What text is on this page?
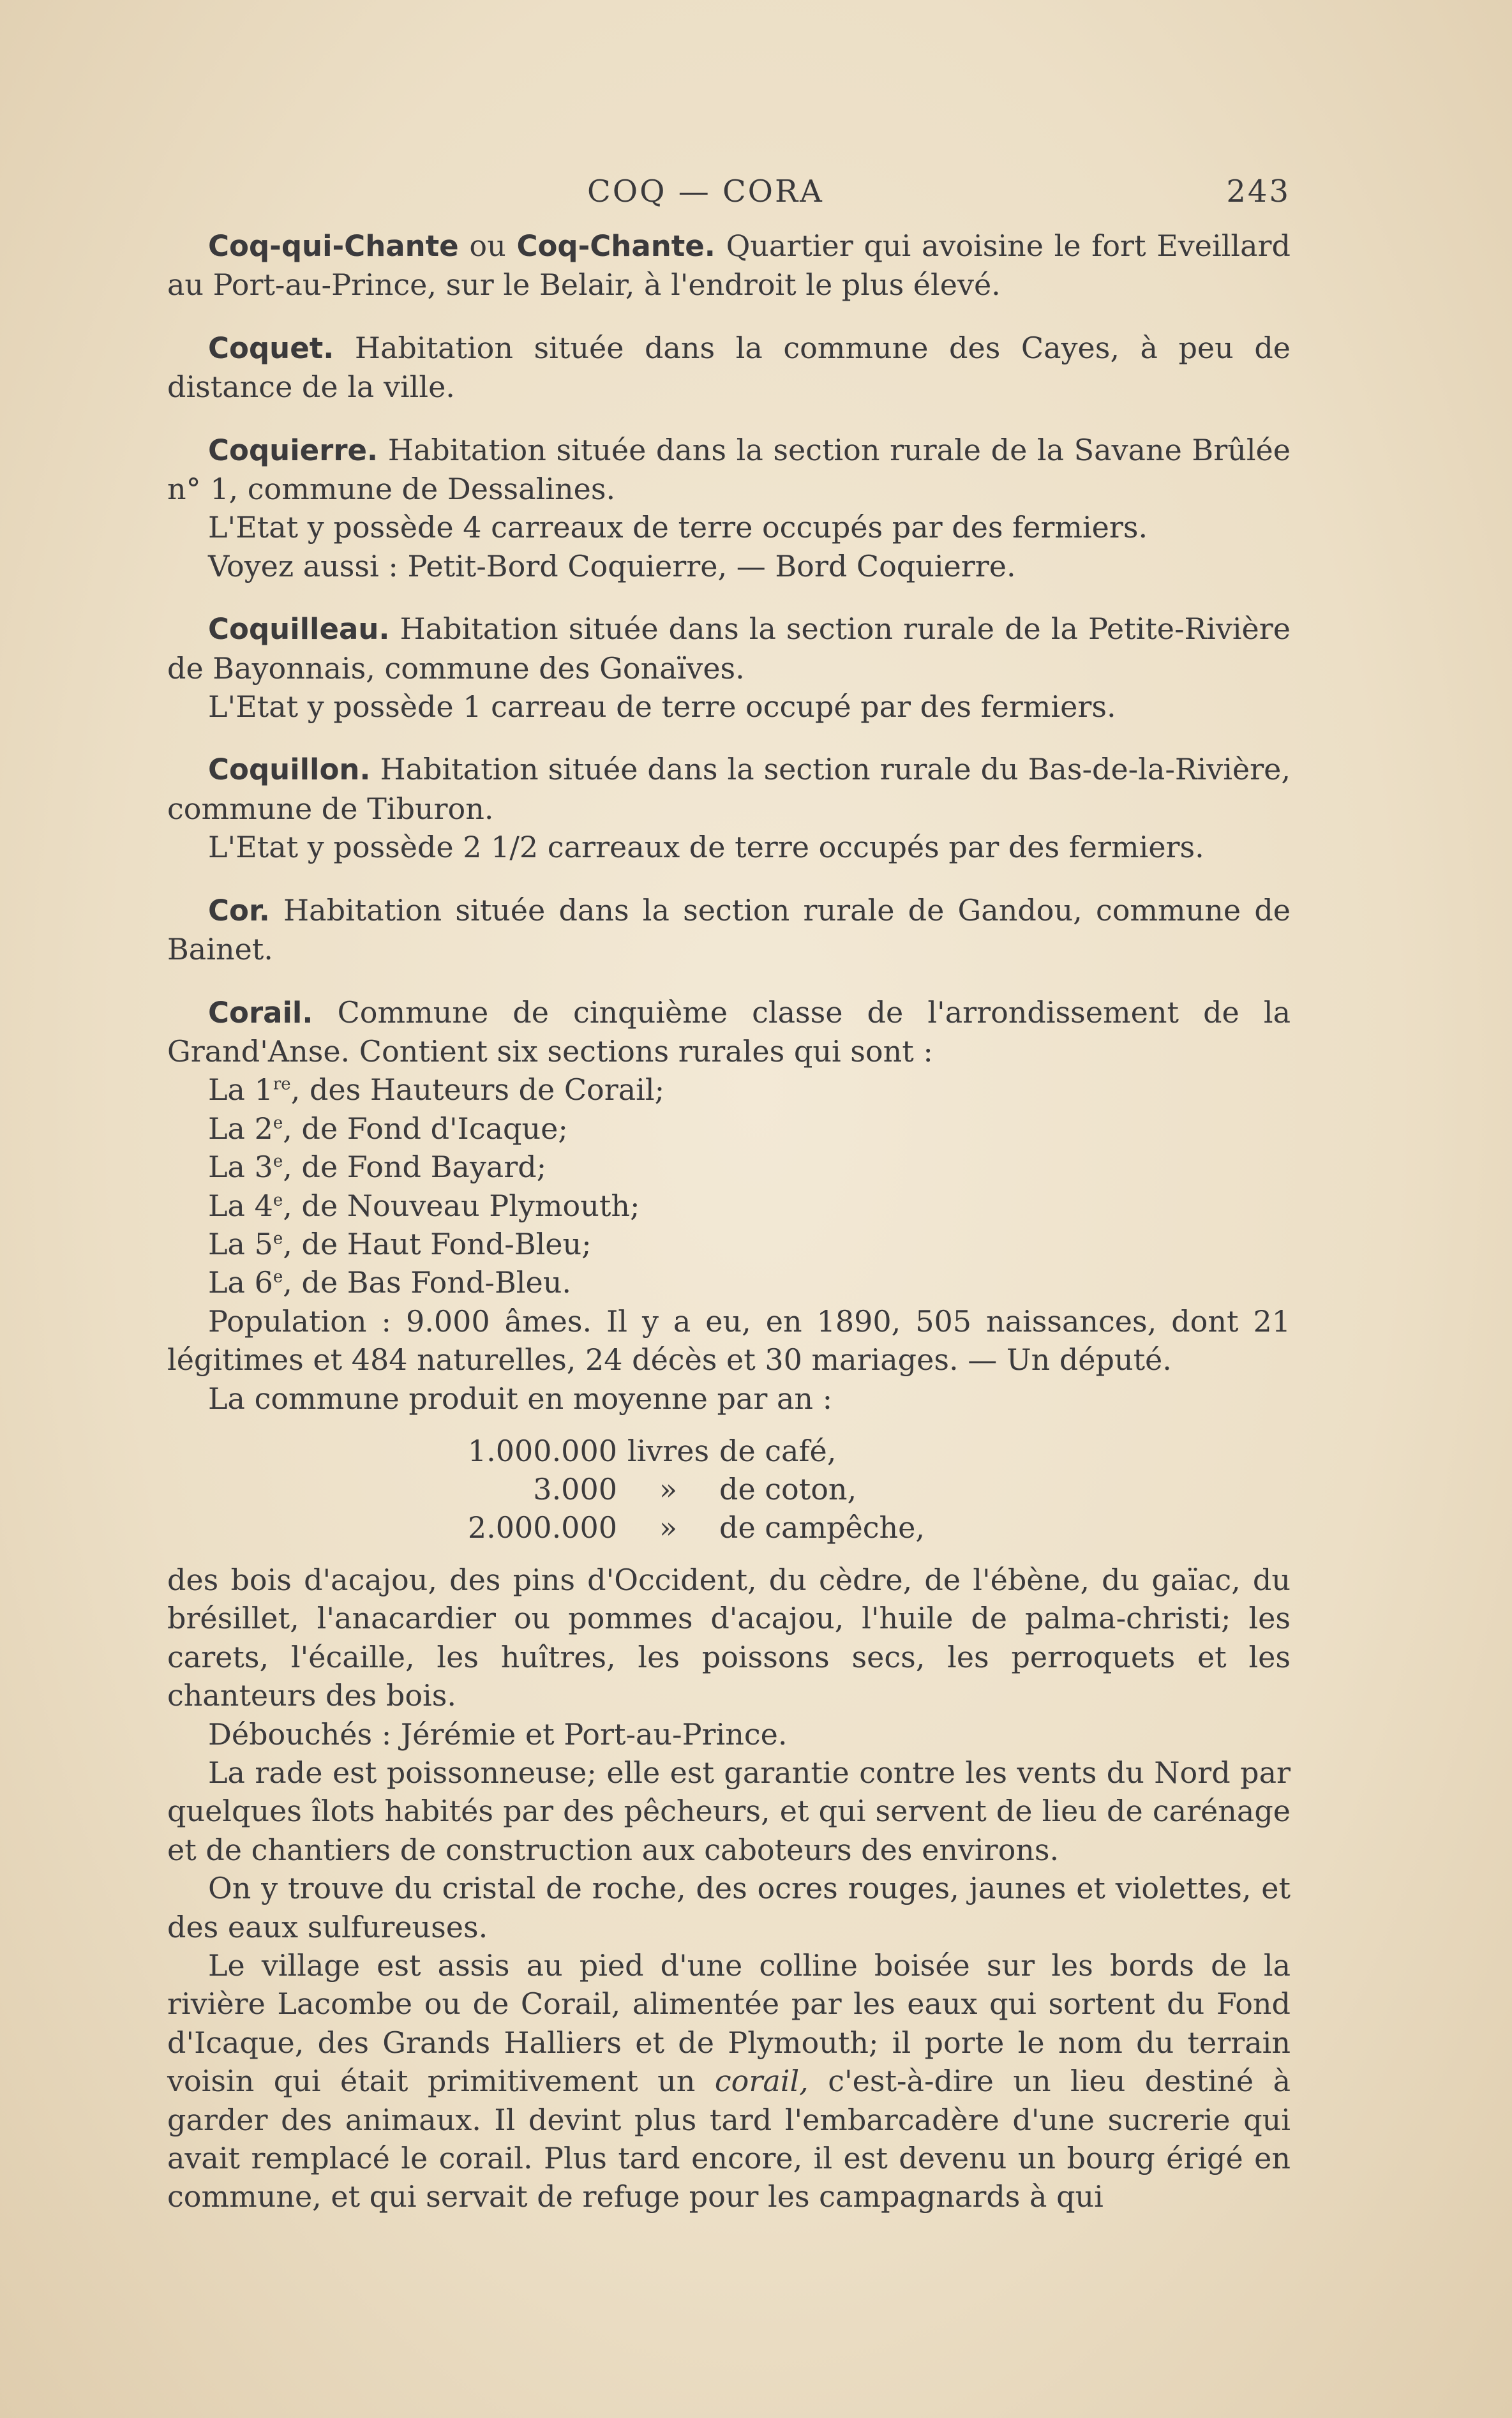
COQ — CORA	243

Coq-qui-Chante ou Coq-Chante. Quartier qui avoisine le fort Eveillard au Port-au-Prince, sur le Belair, à l'endroit le plus élevé.

Coquet. Habitation située dans la commune des Cayes, à peu de distance de la ville.

Coquierre. Habitation située dans la section rurale de la Savane Brûlée n° 1, commune de Dessalines.

L'Etat y possède 4 carreaux de terre occupés par des fermiers.

Voyez aussi : Petit-Bord Coquierre, — Bord Coquierre.

Coquilleau. Habitation située dans la section rurale de la Petite-Rivière de Bayonnais, commune des Gonaïves.

L'Etat y possède 1 carreau de terre occupé par des fermiers.

Coquillon. Habitation située dans la section rurale du Bas-de-la-Rivière, commune de Tiburon.

L'Etat y possède 2 1/2 carreaux de terre occupés par des fermiers.

Cor. Habitation située dans la section rurale de Gandou, commune de Bainet.

Corail. Commune de cinquième classe de l'arrondissement de la Grand'Anse. Contient six sections rurales qui sont :

La 1re, des Hauteurs de Corail;

La 2e, de Fond d'Icaque;

La 3e, de Fond Bayard;

La 4e, de Nouveau Plymouth;

La 5e, de Haut Fond-Bleu;

La 6e, de Bas Fond-Bleu.

Population : 9.000 âmes. Il y a eu, en 1890, 505 naissances, dont 21 légitimes et 484 naturelles, 24 décès et 30 mariages. — Un député.

La commune produit en moyenne par an :

1.000.000 livres de café,
3.000	»	de coton,
2.000.000	»	de campêche,

des bois d'acajou, des pins d'Occident, du cèdre, de l'ébène, du gaïac, du brésillet, l'anacardier ou pommes d'acajou, l'huile de palma-christi; les carets, l'écaille, les huîtres, les poissons secs, les perroquets et les chanteurs des bois.

Débouchés : Jérémie et Port-au-Prince.

La rade est poissonneuse; elle est garantie contre les vents du Nord par quelques îlots habités par des pêcheurs, et qui servent de lieu de carénage et de chantiers de construction aux caboteurs des environs.

On y trouve du cristal de roche, des ocres rouges, jaunes et violettes, et des eaux sulfureuses.

Le village est assis au pied d'une colline boisée sur les bords de la rivière Lacombe ou de Corail, alimentée par les eaux qui sortent du Fond d'Icaque, des Grands Halliers et de Plymouth; il porte le nom du terrain voisin qui était primitivement un corail, c'est-à-dire un lieu destiné à garder des animaux. Il devint plus tard l'embarcadère d'une sucrerie qui avait remplacé le corail. Plus tard encore, il est devenu un bourg érigé en commune, et qui servait de refuge pour les campagnards à qui
